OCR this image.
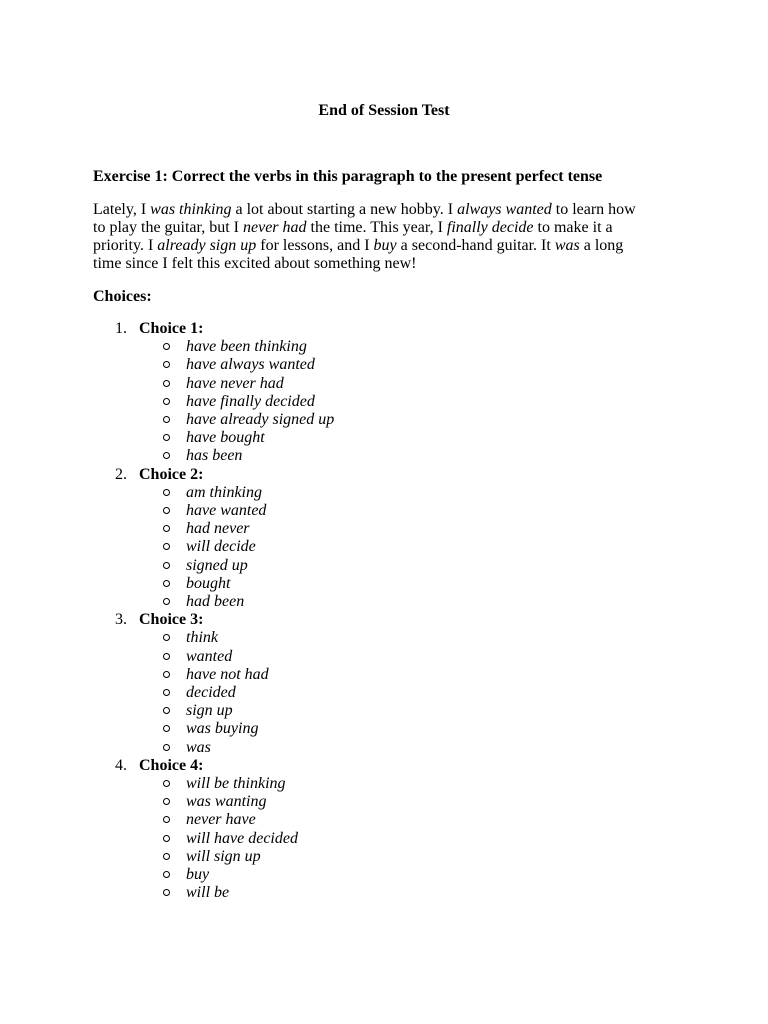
End of Session Test
Exercise 1: Correct the verbs in this paragraph to the present perfect tense

Lately, I was thinking a lot about starting a new hobby. I always wanted to learn how
to play the guitar, but I never had the time. This year, I finally decide to make it a
priority. I already sign up for lessons, and I buy a second-hand guitar. It was a long
time since I felt this excited about something new!

Choices:
1. Choice 1:
have been thinking
have always wanted
have never had
have finally decided
have already signed up
have bought
has been
2. Choice 2:
am thinking
have wanted
had never
will decide
signed up
bought
had been
3. Choice 3:
think
wanted
have not had
decided
sign up
was buying
was
4. Choice 4:
will be thinking
was wanting
never have
will have decided
will sign up
buy
will be
